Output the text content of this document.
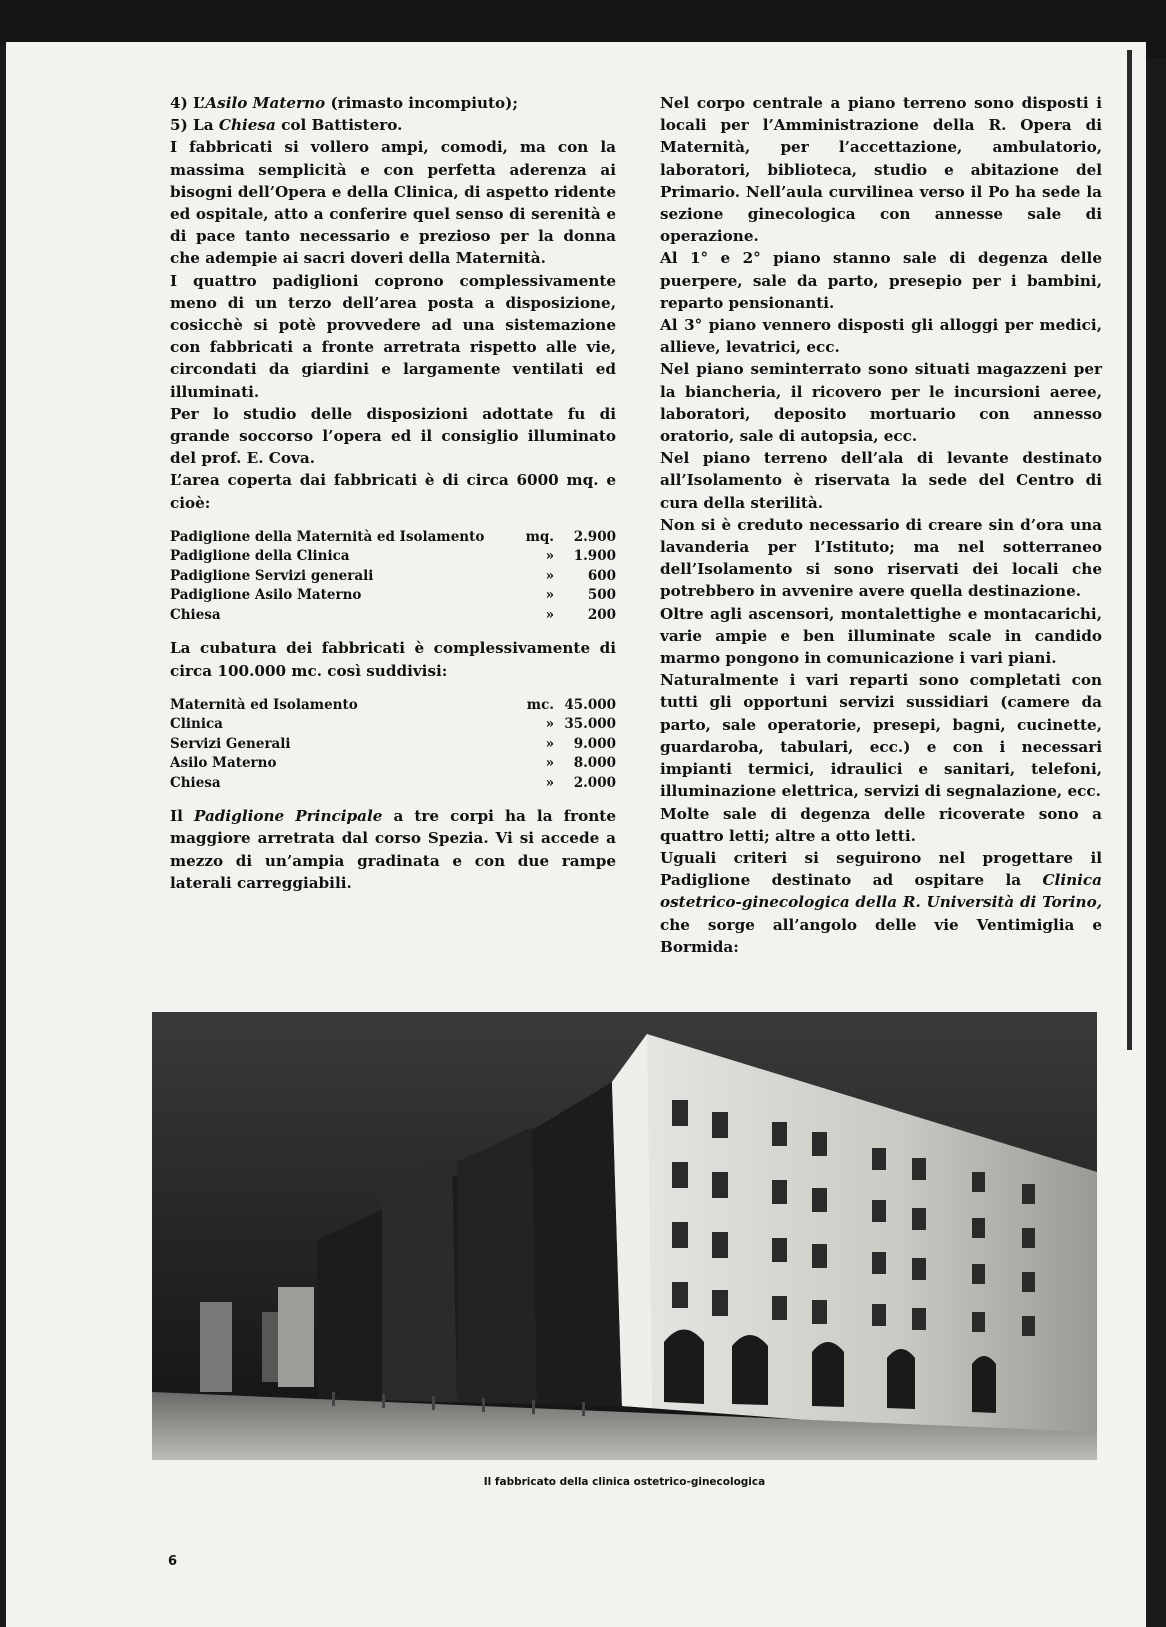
4) L’Asilo Materno (rimasto incompiuto);

5) La Chiesa col Battistero.

I fabbricati si vollero ampi, comodi, ma con la massima semplicità e con perfetta aderenza ai bisogni dell’Opera e della Clinica, di aspetto ridente ed ospitale, atto a conferire quel senso di serenità e di pace tanto necessario e prezioso per la donna che adempie ai sacri doveri della Maternità.

I quattro padiglioni coprono complessivamente meno di un terzo dell’area posta a disposizione, cosicchè si potè provvedere ad una sistemazione con fabbricati a fronte arretrata rispetto alle vie, circondati da giardini e largamente ventilati ed illuminati.

Per lo studio delle disposizioni adottate fu di grande soccorso l’opera ed il consiglio illuminato del prof. E. Cova.

L’area coperta dai fabbricati è di circa 6000 mq. e cioè:

Padiglione della Maternità ed Isolamento		mq.	2.900
Padiglione della Clinica		»	1.900
Padiglione Servizi generali		»	600
Padiglione Asilo Materno		»	500
Chiesa		»	200

La cubatura dei fabbricati è complessivamente di circa 100.000 mc. così suddivisi:

Maternità ed Isolamento		mc.	45.000
Clinica		»	35.000
Servizi Generali		»	9.000
Asilo Materno		»	8.000
Chiesa		»	2.000

Il Padiglione Principale a tre corpi ha la fronte maggiore arretrata dal corso Spezia. Vi si accede a mezzo di un’ampia gradinata e con due rampe laterali carreggiabili.

Nel corpo centrale a piano terreno sono disposti i locali per l’Amministrazione della R. Opera di Maternità, per l’accettazione, ambulatorio, laboratori, biblioteca, studio e abitazione del Primario. Nell’aula curvilinea verso il Po ha sede la sezione ginecologica con annesse sale di operazione.

Al 1° e 2° piano stanno sale di degenza delle puerpere, sale da parto, presepio per i bambini, reparto pensionanti.

Al 3° piano vennero disposti gli alloggi per medici, allieve, levatrici, ecc.

Nel piano seminterrato sono situati magazzeni per la biancheria, il ricovero per le incursioni aeree, laboratori, deposito mortuario con annesso oratorio, sale di autopsia, ecc.

Nel piano terreno dell’ala di levante destinato all’Isolamento è riservata la sede del Centro di cura della sterilità.

Non si è creduto necessario di creare sin d’ora una lavanderia per l’Istituto; ma nel sotterraneo dell’Isolamento si sono riservati dei locali che potrebbero in avvenire avere quella destinazione.

Oltre agli ascensori, montalettighe e montacarichi, varie ampie e ben illuminate scale in candido marmo pongono in comunicazione i vari piani.

Naturalmente i vari reparti sono completati con tutti gli opportuni servizi sussidiari (camere da parto, sale operatorie, presepi, bagni, cucinette, guardaroba, tabulari, ecc.) e con i necessari impianti termici, idraulici e sanitari, telefoni, illuminazione elettrica, servizi di segnalazione, ecc.

Molte sale di degenza delle ricoverate sono a quattro letti; altre a otto letti.

Uguali criteri si seguirono nel progettare il Padiglione destinato ad ospitare la Clinica ostetrico-ginecologica della R. Università di Torino, che sorge all’angolo delle vie Ventimiglia e Bormida:

Il fabbricato della clinica ostetrico-ginecologica
6
